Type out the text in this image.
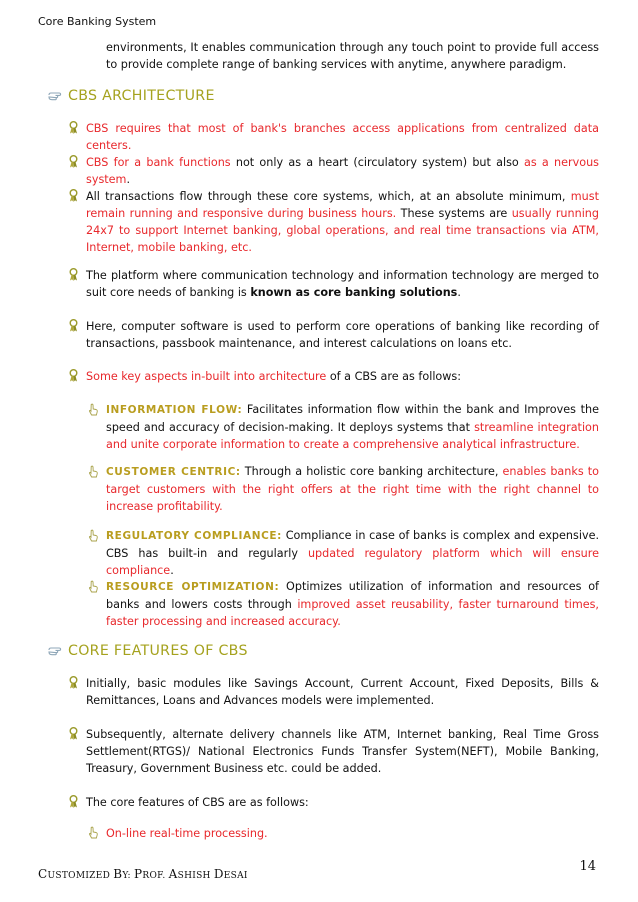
Core Banking System
environments, It enables communication through any touch point to provide full access to provide complete range of banking services with anytime, anywhere paradigm.
CBS ARCHITECTURE
CBS requires that most of bank's branches access applications from centralized data centers.
CBS for a bank functions not only as a heart (circulatory system) but also as a nervous system.
All transactions flow through these core systems, which, at an absolute minimum, must remain running and responsive during business hours. These systems are usually running 24x7 to support Internet banking, global operations, and real time transactions via ATM, Internet, mobile banking, etc.
The platform where communication technology and information technology are merged to suit core needs of banking is known as core banking solutions.
Here, computer software is used to perform core operations of banking like recording of transactions, passbook maintenance, and interest calculations on loans etc.
Some key aspects in-built into architecture of a CBS are as follows:
INFORMATION FLOW: Facilitates information flow within the bank and Improves the speed and accuracy of decision-making. It deploys systems that streamline integration and unite corporate information to create a comprehensive analytical infrastructure.
CUSTOMER CENTRIC: Through a holistic core banking architecture, enables banks to target customers with the right offers at the right time with the right channel to increase profitability.
REGULATORY COMPLIANCE: Compliance in case of banks is complex and expensive. CBS has built-in and regularly updated regulatory platform which will ensure compliance.
RESOURCE OPTIMIZATION: Optimizes utilization of information and resources of banks and lowers costs through improved asset reusability, faster turnaround times, faster processing and increased accuracy.
CORE FEATURES OF CBS
Initially, basic modules like Savings Account, Current Account, Fixed Deposits, Bills & Remittances, Loans and Advances models were implemented.
Subsequently, alternate delivery channels like ATM, Internet banking, Real Time Gross Settlement(RTGS)/ National Electronics Funds Transfer System(NEFT), Mobile Banking, Treasury, Government Business etc. could be added.
The core features of CBS are as follows:
On-line real-time processing.
14
CUSTOMIZED BY: PROF. ASHISH DESAI
